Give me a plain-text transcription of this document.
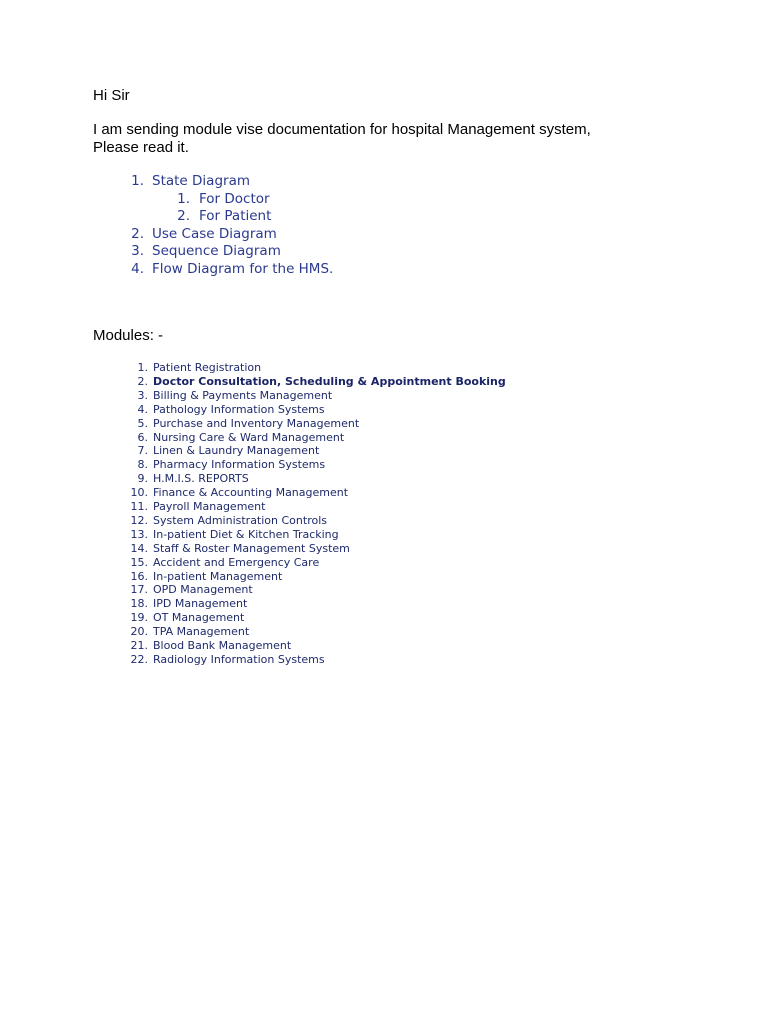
Hi Sir
I am sending module vise documentation for hospital Management system,
Please read it.
1. State Diagram
1. For Doctor
2. For Patient
2. Use Case Diagram
3. Sequence Diagram
4. Flow Diagram for the HMS.
Modules: -
1. Patient Registration
2. Doctor Consultation, Scheduling & Appointment Booking
3. Billing & Payments Management
4. Pathology Information Systems
5. Purchase and Inventory Management
6. Nursing Care & Ward Management
7. Linen & Laundry Management
8. Pharmacy Information Systems
9. H.M.I.S. REPORTS
10. Finance & Accounting Management
11. Payroll Management
12. System Administration Controls
13. In-patient Diet & Kitchen Tracking
14. Staff & Roster Management System
15. Accident and Emergency Care
16. In-patient Management
17. OPD Management
18. IPD Management
19. OT Management
20. TPA Management
21. Blood Bank Management
22. Radiology Information Systems
